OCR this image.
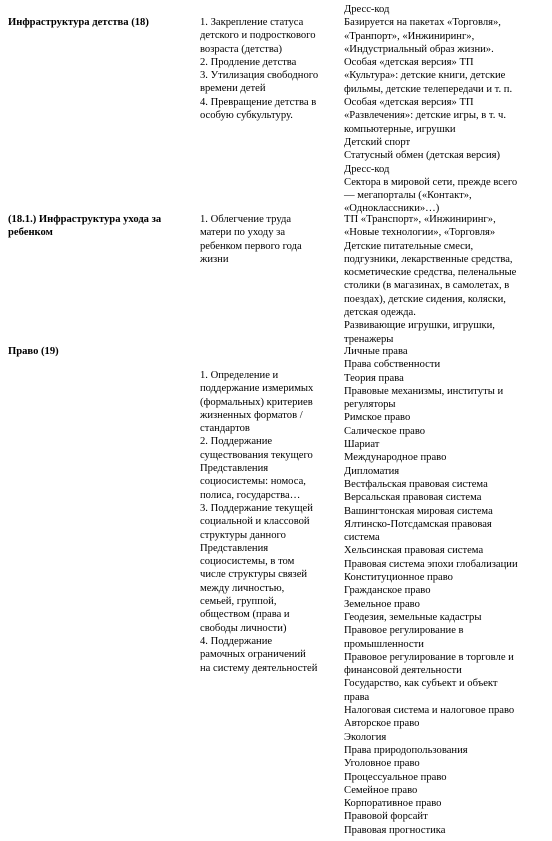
Инфраструктура детства (18)	1. Закрепление статуса
детского и подросткового
возраста (детства)
2. Продление детства
3. Утилизация свободного
времени детей
4. Превращение детства в
особую субкультуру.
Дресс-код
Базируется на пакетах «Торговля»,
«Транпорт», «Инжиниринг»,
«Индустриальный образ жизни».
Особая «детская версия» ТП
«Культура»: детские книги, детские
фильмы, детские телепередачи и т. п.
Особая «детская версия» ТП
«Развлечения»: детские игры, в т. ч.
компьютерные, игрушки
Детский спорт
Статусный обмен (детская версия)
Дресс-код
Сектора в мировой сети, прежде всего
— мегапорталы («Контакт»,
«Одноклассники»…)
(18.1.) Инфраструктура ухода за
ребенком
1. Облегчение труда
матери по уходу за
ребенком первого года
жизни
ТП «Транспорт», «Инжиниринг»,
«Новые технологии», «Торговля»
Детские питательные смеси,
подгузники, лекарственные средства,
косметические средства, пеленальные
столики (в магазинах, в самолетах, в
поездах), детские сидения, коляски,
детская одежда.
Развивающие игрушки, игрушки,
тренажеры
Право (19)
1. Определение и
поддержание измеримых
(формальных) критериев
жизненных форматов /
стандартов
2. Поддержание
существования текущего
Представления
социосистемы: номоса,
полиса, государства…
3. Поддержание текущей
социальной и классовой
структуры данного
Представления
социосистемы, в том
числе структуры связей
между личностью,
семьей, группой,
обществом (права и
свободы личности)
4. Поддержание
рамочных ограничений
на систему деятельностей
Личные права
Права собственности
Теория права
Правовые механизмы, институты и
регуляторы
Римское право
Салическое право
Шариат
Международное право
Дипломатия
Вестфальская правовая система
Версальская правовая система
Вашингтонская мировая система
Ялтинско-Потсдамская правовая
система
Хельсинская правовая система
Правовая система эпохи глобализации
Конституционное право
Гражданское право
Земельное право
Геодезия, земельные кадастры
Правовое регулирование в
промышленности
Правовое регулирование в торговле и
финансовой деятельности
Государство, как субъект и объект
права
Налоговая система и налоговое право
Авторское право
Экология
Права природопользования
Уголовное право
Процессуальное право
Семейное право
Корпоративное право
Правовой форсайт
Правовая прогностика
